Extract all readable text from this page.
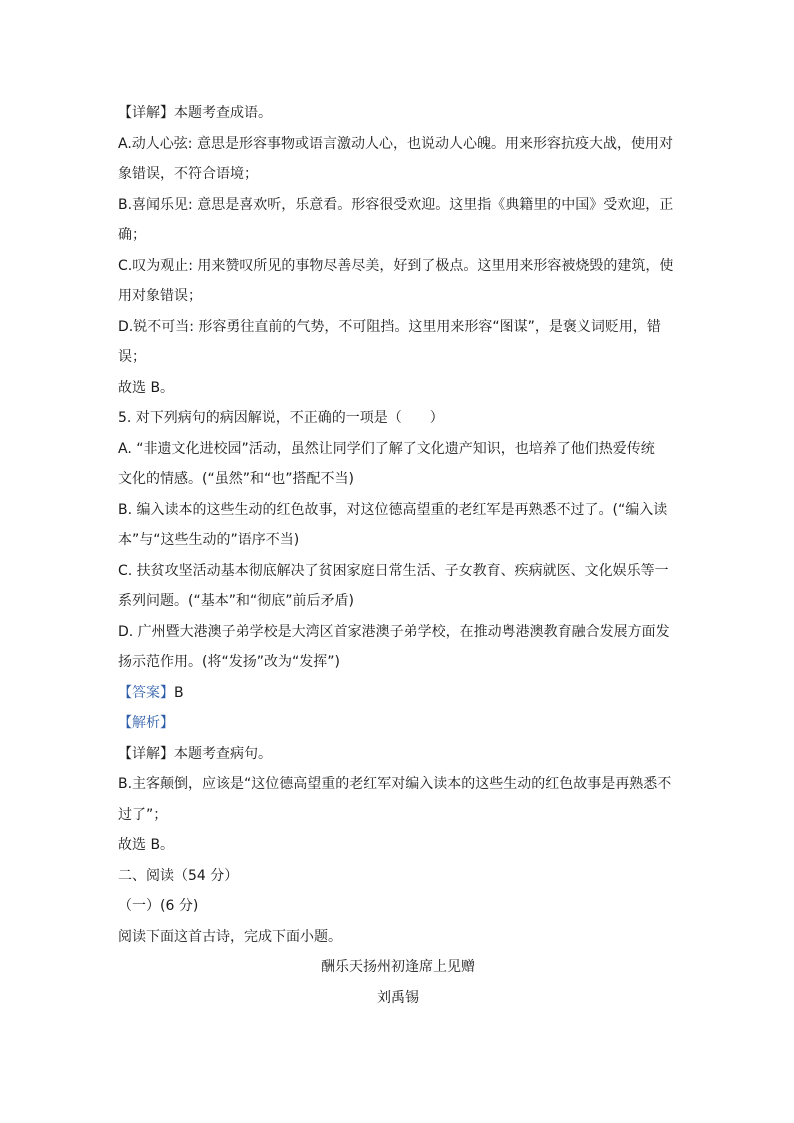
【详解】本题考查成语。
A.动人心弦: 意思是形容事物或语言激动人心，也说动人心魄。用来形容抗疫大战，使用对
象错误，不符合语境；
B.喜闻乐见: 意思是喜欢听，乐意看。形容很受欢迎。这里指《典籍里的中国》受欢迎，正
确；
C.叹为观止: 用来赞叹所见的事物尽善尽美，好到了极点。这里用来形容被烧毁的建筑，使
用对象错误；
D.锐不可当: 形容勇往直前的气势，不可阻挡。这里用来形容“图谋”，是褒义词贬用，错
误；
故选 B。
5. 对下列病句的病因解说，不正确的一项是（　　）
A. “非遗文化进校园”活动，虽然让同学们了解了文化遗产知识，也培养了他们热爱传统
文化的情感。(“虽然”和“也”搭配不当)
B. 编入读本的这些生动的红色故事，对这位德高望重的老红军是再熟悉不过了。(“编入读
本”与“这些生动的”语序不当)
C. 扶贫攻坚活动基本彻底解决了贫困家庭日常生活、子女教育、疾病就医、文化娱乐等一
系列问题。(“基本”和“彻底”前后矛盾)
D. 广州暨大港澳子弟学校是大湾区首家港澳子弟学校，在推动粤港澳教育融合发展方面发
扬示范作用。(将“发扬”改为“发挥”)
【答案】B
【解析】
【详解】本题考查病句。
B.主客颠倒，应该是“这位德高望重的老红军对编入读本的这些生动的红色故事是再熟悉不
过了”；
故选 B。
二、阅读（54 分）
（一）(6 分)
阅读下面这首古诗，完成下面小题。
酬乐天扬州初逢席上见赠
刘禹锡
